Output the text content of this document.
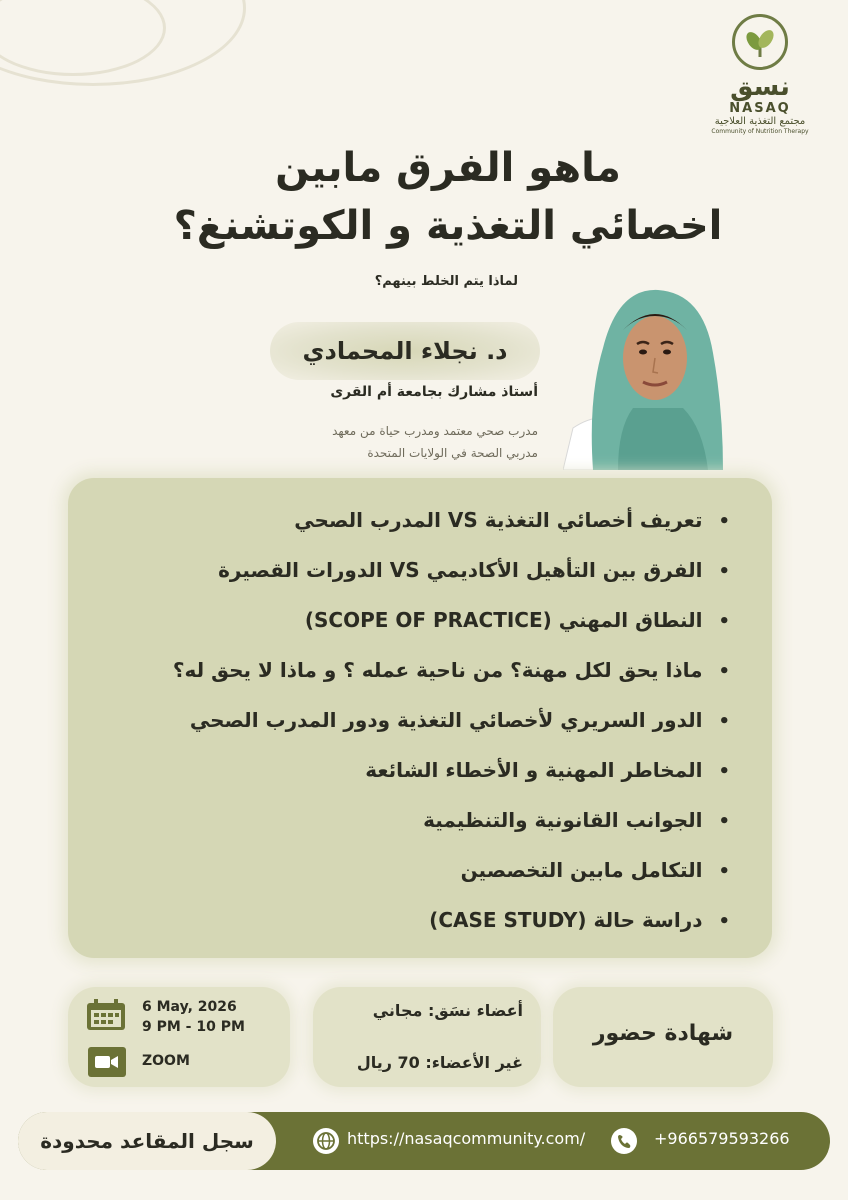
نسق
NASAQ
مجتمع التغذية العلاجية
Community of Nutrition Therapy
ماهو الفرق مابين
اخصائي التغذية و الكوتشنغ؟
لماذا يتم الخلط بينهم؟
د. نجلاء المحمادي
أستاذ مشارك بجامعة أم القرى
مدرب صحي معتمد ومدرب حياة من معهد مدربي الصحة في الولايات المتحدة
• تعريف أخصائي التغذية VS المدرب الصحي
• الفرق بين التأهيل الأكاديمي VS الدورات القصيرة
• النطاق المهني (SCOPE OF PRACTICE)
• ماذا يحق لكل مهنة؟ من ناحية عمله ؟ و ماذا لا يحق له؟
• الدور السريري لأخصائي التغذية ودور المدرب الصحي
• المخاطر المهنية و الأخطاء الشائعة
• الجوانب القانونية والتنظيمية
• التكامل مابين التخصصين
• دراسة حالة (CASE STUDY)
6 May, 2026
9 PM - 10 PM
ZOOM
أعضاء نسَق: مجاني
غير الأعضاء: 70 ريال
شهادة حضور
سجل المقاعد محدودة	https://nasaqcommunity.com/	+966579593266
